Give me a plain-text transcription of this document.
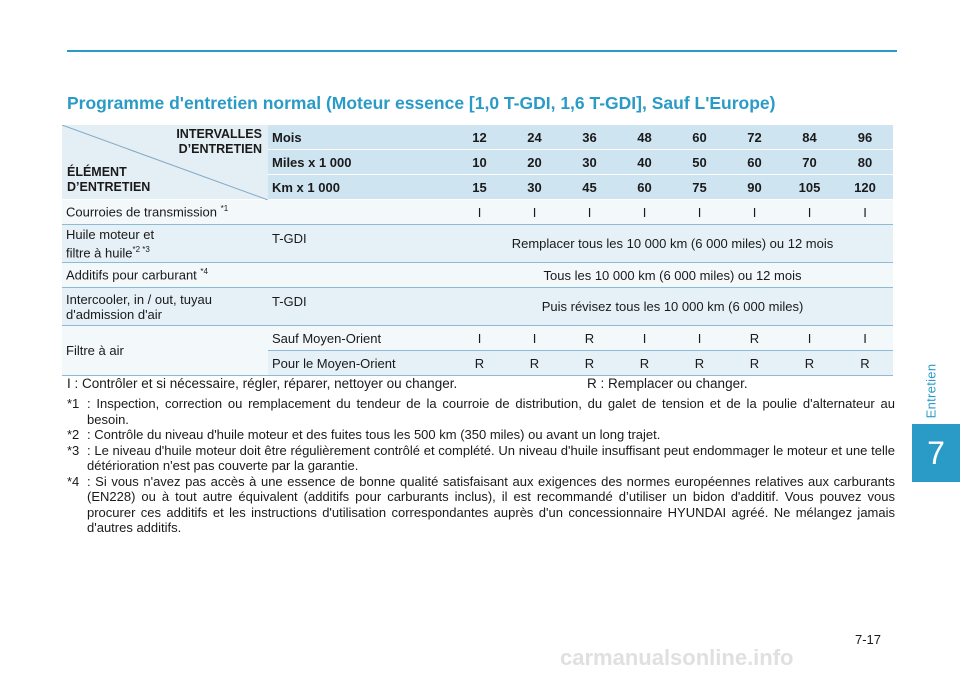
Entretien
7
Programme d'entretien normal (Moteur essence [1,0 T-GDI, 1,6 T-GDI], Sauf L'Europe)
INTERVALLES
D’ENTRETIEN
ÉLÉMENT
D’ENTRETIEN	Mois	12	24	36	48	60	72	84	96
	Miles x 1 000	10	20	30	40	50	60	70	80
	Km x 1 000	15	30	45	60	75	90	105	120
Courroies de transmission $^{*1}$		I	I	I	I	I	I	I	I
Huile moteur et
filtre à huile$^{*2 *3}$	T-GDI	Remplacer tous les 10 000 km (6 000 miles) ou 12 mois							
Additifs pour carburant $^{*4}$		Tous les 10 000 km (6 000 miles) ou 12 mois							
Intercooler, in / out, tuyau
d'admission d'air	T-GDI	Puis révisez tous les 10 000 km (6 000 miles)							
Filtre à air	Sauf Moyen-Orient	I	I	R	I	I	R	I	I
	Pour le Moyen-Orient	R	R	R	R	R	R	R	R
I : Contrôler et si nécessaire, régler, réparer, nettoyer ou changer.	R : Remplacer ou changer.
*1 : Inspection, correction ou remplacement du tendeur de la courroie de distribution, du galet de tension et de la poulie d'alternateur au besoin.
*2 : Contrôle du niveau d'huile moteur et des fuites tous les 500 km (350 miles) ou avant un long trajet.
*3 : Le niveau d'huile moteur doit être régulièrement contrôlé et complété. Un niveau d'huile insuffisant peut endommager le moteur et une telle détérioration n'est pas couverte par la garantie.
*4 : Si vous n'avez pas accès à une essence de bonne qualité satisfaisant aux exigences des normes européennes relatives aux carburants (EN228) ou à tout autre équivalent (additifs pour carburants inclus), il est recommandé d’utiliser un bidon d'additif. Vous pouvez vous procurer ces additifs et les instructions d'utilisation correspondantes auprès d'un concessionnaire HYUNDAI agréé. Ne mélangez jamais d'autres additifs.
7-17
carmanualsonline.info
